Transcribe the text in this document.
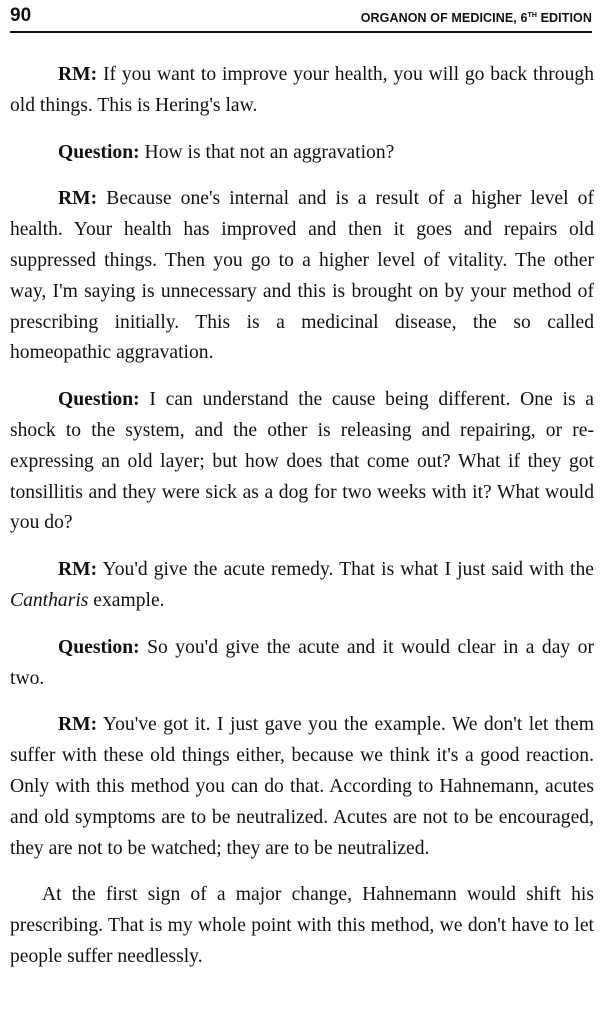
90	ORGANON OF MEDICINE, 6TH EDITION

RM: If you want to improve your health, you will go back through old things. This is Hering's law.

Question: How is that not an aggravation?

RM: Because one's internal and is a result of a higher level of health. Your health has improved and then it goes and repairs old suppressed things. Then you go to a higher level of vitality. The other way, I'm saying is unnecessary and this is brought on by your method of prescribing initially. This is a medicinal disease, the so called homeopathic aggravation.

Question: I can understand the cause being different. One is a shock to the system, and the other is releasing and repairing, or re-expressing an old layer; but how does that come out? What if they got tonsillitis and they were sick as a dog for two weeks with it? What would you do?

RM: You'd give the acute remedy. That is what I just said with the Cantharis example.

Question: So you'd give the acute and it would clear in a day or two.

RM: You've got it. I just gave you the example. We don't let them suffer with these old things either, because we think it's a good reaction. Only with this method you can do that. According to Hahnemann, acutes and old symptoms are to be neutralized. Acutes are not to be encouraged, they are not to be watched; they are to be neutralized.

At the first sign of a major change, Hahnemann would shift his prescribing. That is my whole point with this method, we don't have to let people suffer needlessly.
